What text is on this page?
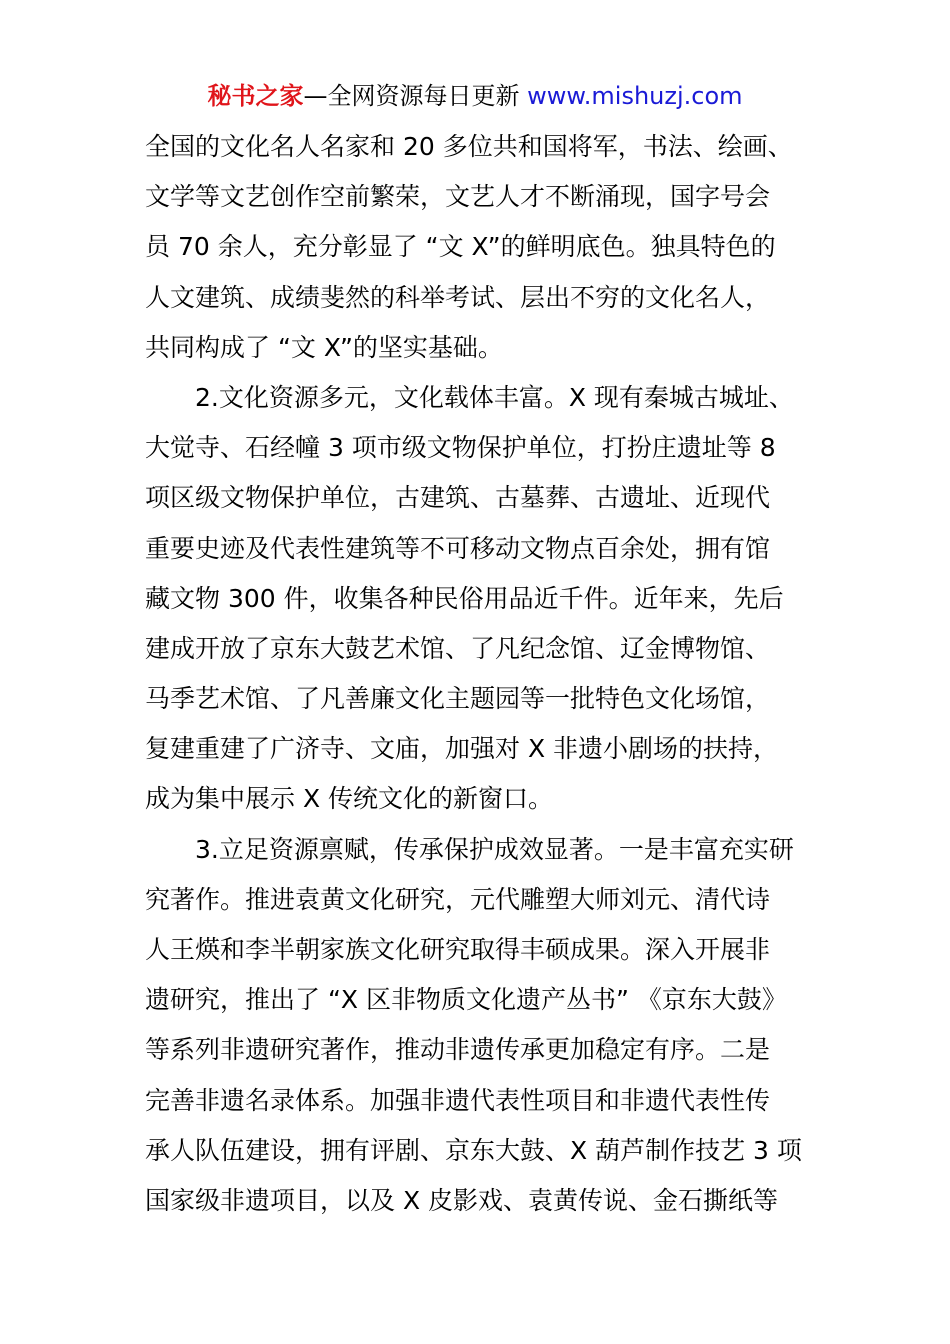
秘书之家—全网资源每日更新 www.mishuzj.com
全国的文化名人名家和 20 多位共和国将军，书法、绘画、
文学等文艺创作空前繁荣，文艺人才不断涌现，国字号会
员 70 余人，充分彰显了 “文 X”的鲜明底色。独具特色的
人文建筑、成绩斐然的科举考试、层出不穷的文化名人，
共同构成了 “文 X”的坚实基础。
2.文化资源多元，文化载体丰富。X 现有秦城古城址、
大觉寺、石经幢 3 项市级文物保护单位，打扮庄遗址等 8
项区级文物保护单位，古建筑、古墓葬、古遗址、近现代
重要史迹及代表性建筑等不可移动文物点百余处，拥有馆
藏文物 300 件，收集各种民俗用品近千件。近年来，先后
建成开放了京东大鼓艺术馆、了凡纪念馆、辽金博物馆、
马季艺术馆、了凡善廉文化主题园等一批特色文化场馆，
复建重建了广济寺、文庙，加强对 X 非遗小剧场的扶持，
成为集中展示 X 传统文化的新窗口。
3.立足资源禀赋，传承保护成效显著。一是丰富充实研
究著作。推进袁黄文化研究，元代雕塑大师刘元、清代诗
人王煐和李半朝家族文化研究取得丰硕成果。深入开展非
遗研究，推出了 “X 区非物质文化遗产丛书” 《京东大鼓》
等系列非遗研究著作，推动非遗传承更加稳定有序。二是
完善非遗名录体系。加强非遗代表性项目和非遗代表性传
承人队伍建设，拥有评剧、京东大鼓、X 葫芦制作技艺 3 项
国家级非遗项目，以及 X 皮影戏、袁黄传说、金石撕纸等
